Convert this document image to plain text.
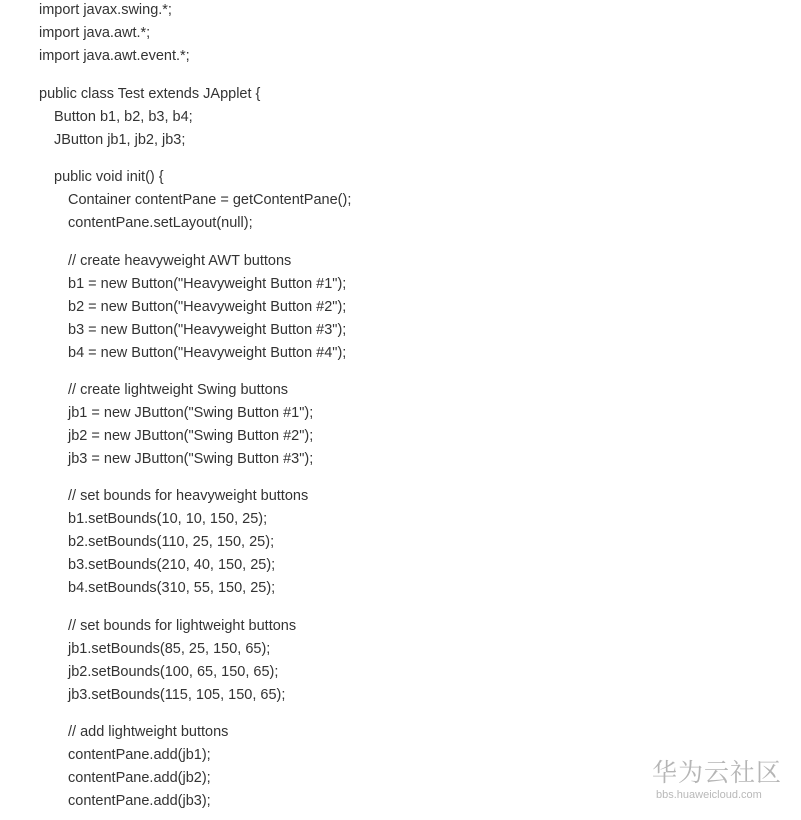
import javax.swing.*;
import java.awt.*;
import java.awt.event.*;
public class Test extends JApplet {
Button b1, b2, b3, b4;
JButton jb1, jb2, jb3;
public void init() {
Container contentPane = getContentPane();
contentPane.setLayout(null);
// create heavyweight AWT buttons
b1 = new Button("Heavyweight Button #1");
b2 = new Button("Heavyweight Button #2");
b3 = new Button("Heavyweight Button #3");
b4 = new Button("Heavyweight Button #4");
// create lightweight Swing buttons
jb1 = new JButton("Swing Button #1");
jb2 = new JButton("Swing Button #2");
jb3 = new JButton("Swing Button #3");
// set bounds for heavyweight buttons
b1.setBounds(10, 10, 150, 25);
b2.setBounds(110, 25, 150, 25);
b3.setBounds(210, 40, 150, 25);
b4.setBounds(310, 55, 150, 25);
// set bounds for lightweight buttons
jb1.setBounds(85, 25, 150, 65);
jb2.setBounds(100, 65, 150, 65);
jb3.setBounds(115, 105, 150, 65);
// add lightweight buttons
contentPane.add(jb1);
contentPane.add(jb2);
contentPane.add(jb3);
华为云社区
bbs.huaweicloud.com
